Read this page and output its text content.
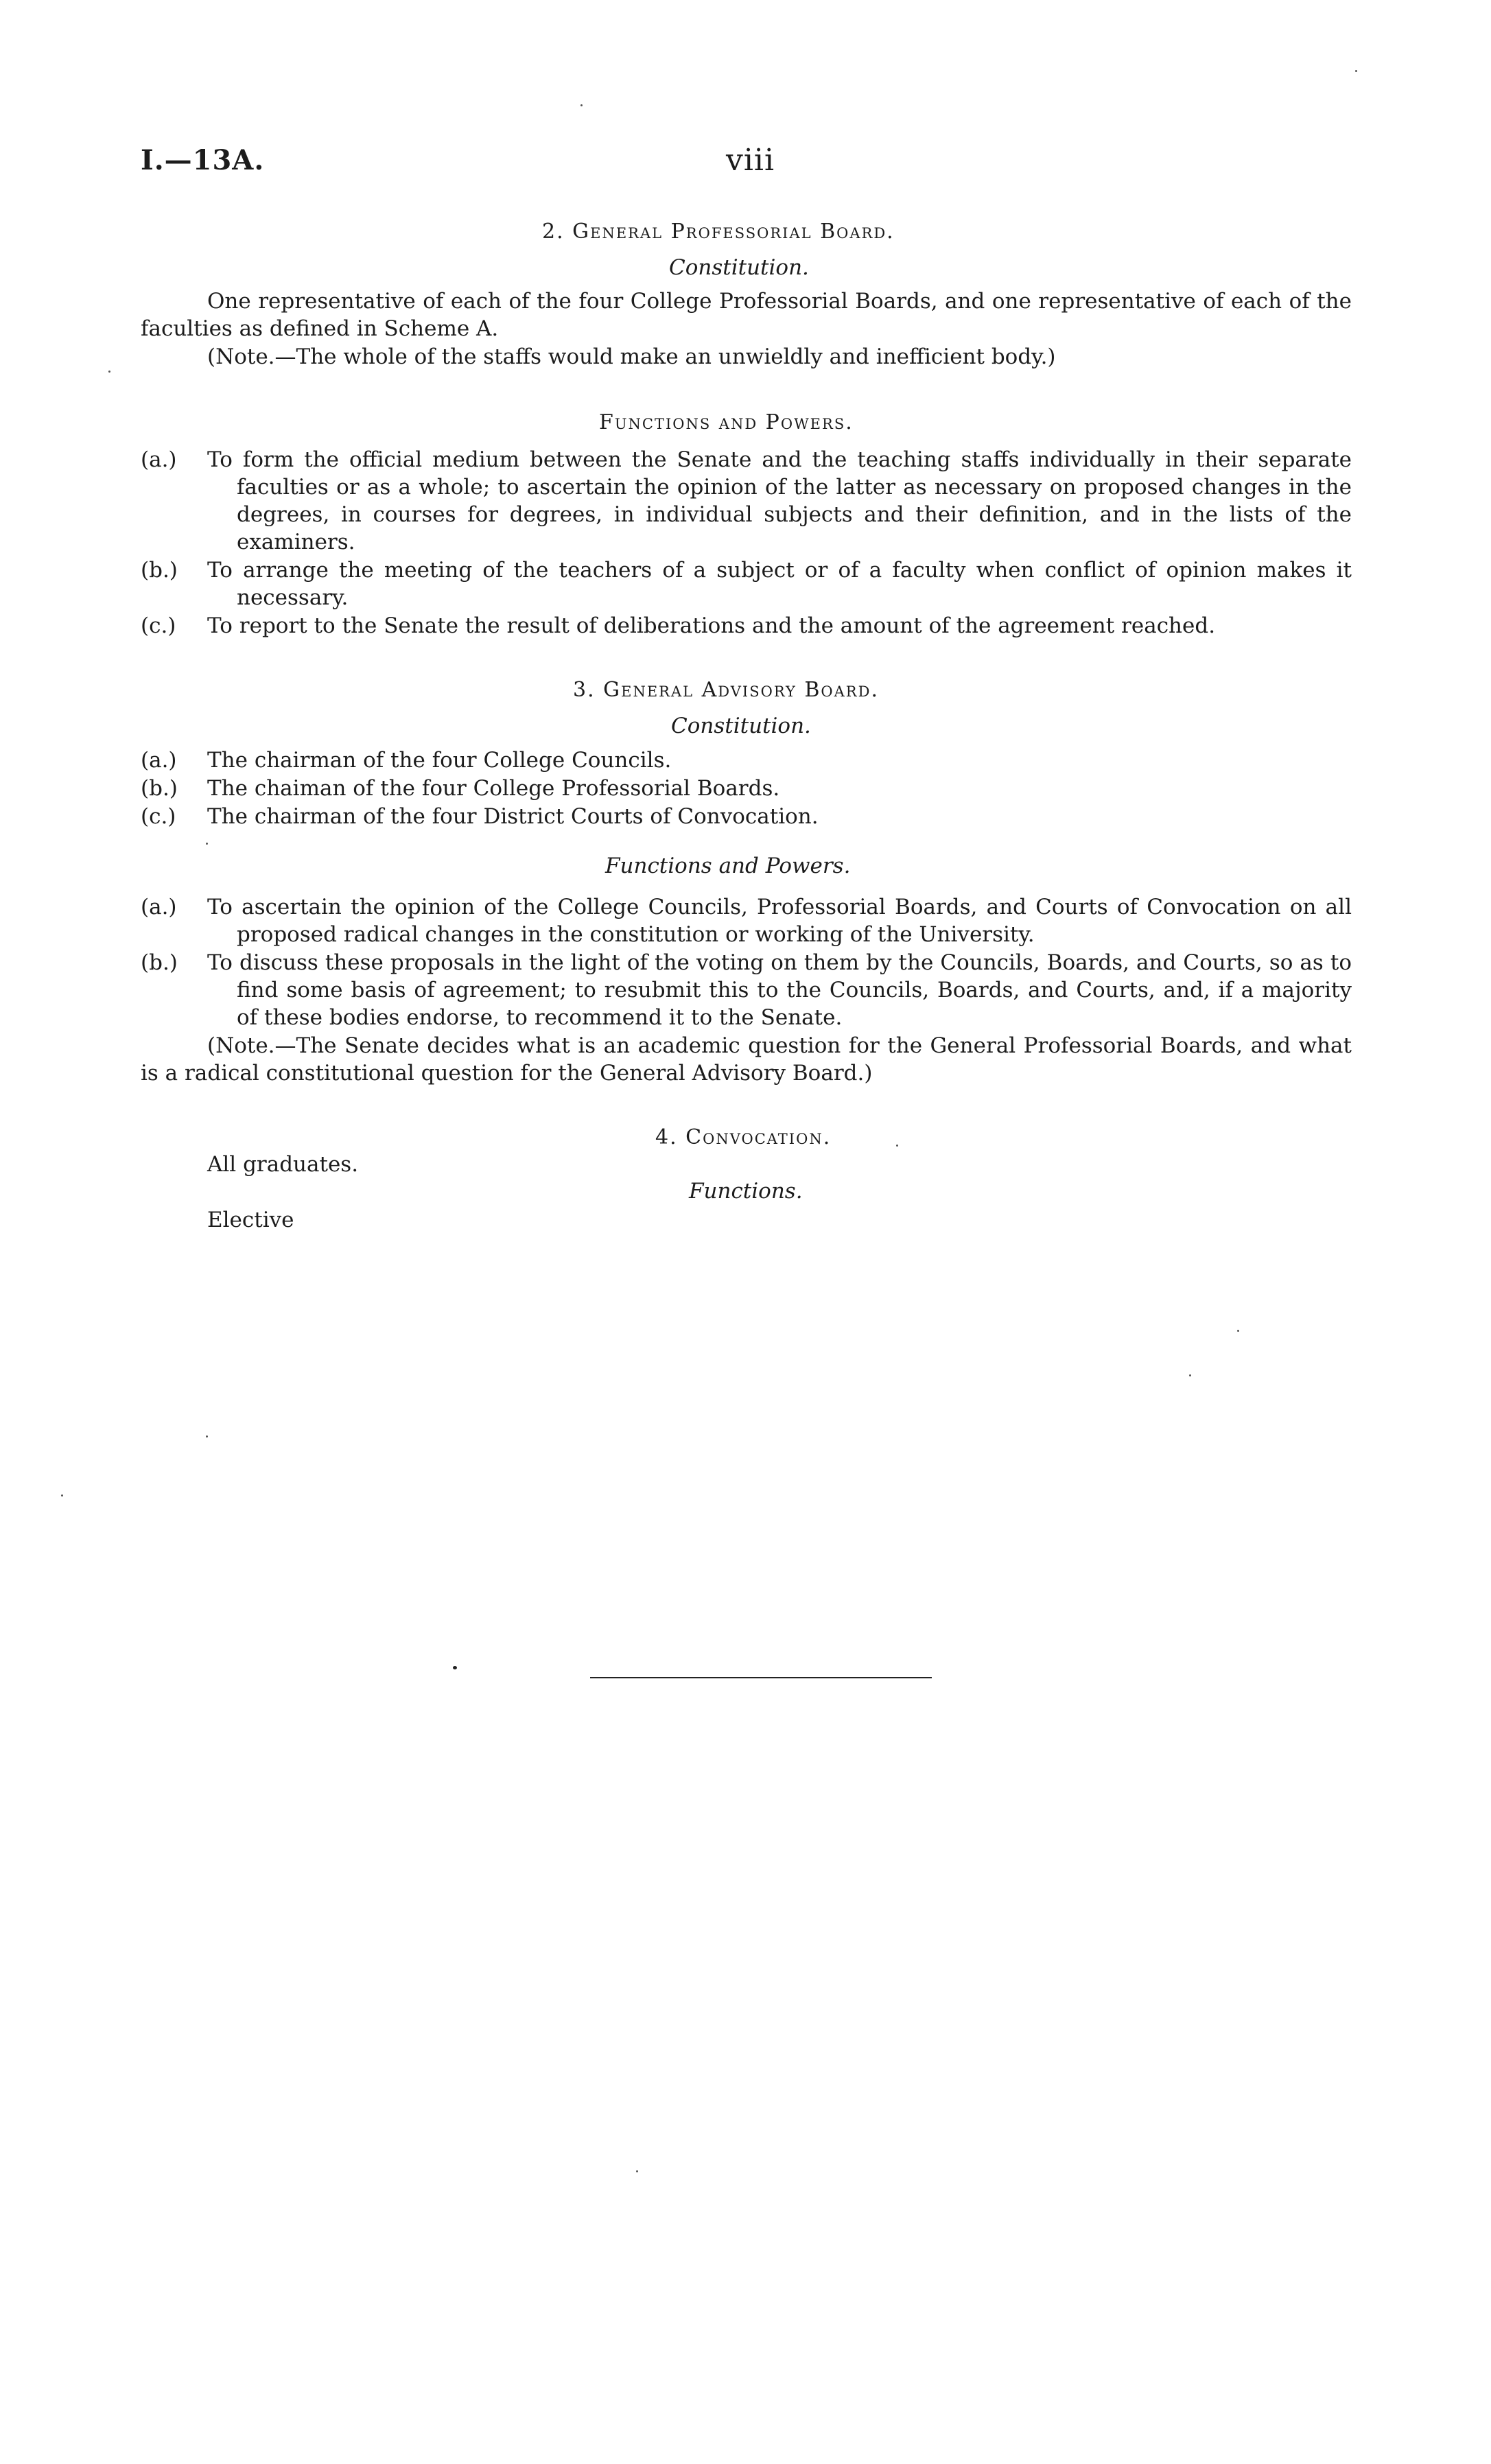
I.—13A.	viii
2. General Professorial Board.
Constitution.
One representative of each of the four College Professorial Boards, and one representative of each of the faculties as defined in Scheme A.
(Note.—The whole of the staffs would make an unwieldly and inefficient body.)
Functions and Powers.
(a.)	To form the official medium between the Senate and the teaching staffs individually in their separate faculties or as a whole; to ascertain the opinion of the latter as necessary on proposed changes in the degrees, in courses for degrees, in individual subjects and their definition, and in the lists of the examiners.
(b.)	To arrange the meeting of the teachers of a subject or of a faculty when conflict of opinion makes it necessary.
(c.)	To report to the Senate the result of deliberations and the amount of the agreement reached.
3. General Advisory Board.
Constitution.
(a.)	The chairman of the four College Councils.
(b.)	The chaiman of the four College Professorial Boards.
(c.)	The chairman of the four District Courts of Convocation.
Functions and Powers.
(a.)	To ascertain the opinion of the College Councils, Professorial Boards, and Courts of Convocation on all proposed radical changes in the constitution or working of the University.
(b.)	To discuss these proposals in the light of the voting on them by the Councils, Boards, and Courts, so as to find some basis of agreement; to resubmit this to the Councils, Boards, and Courts, and, if a majority of these bodies endorse, to recommend it to the Senate.
(Note.—The Senate decides what is an academic question for the General Professorial Boards, and what is a radical constitutional question for the General Advisory Board.)
4. Convocation.
All graduates.
Functions.
Elective
